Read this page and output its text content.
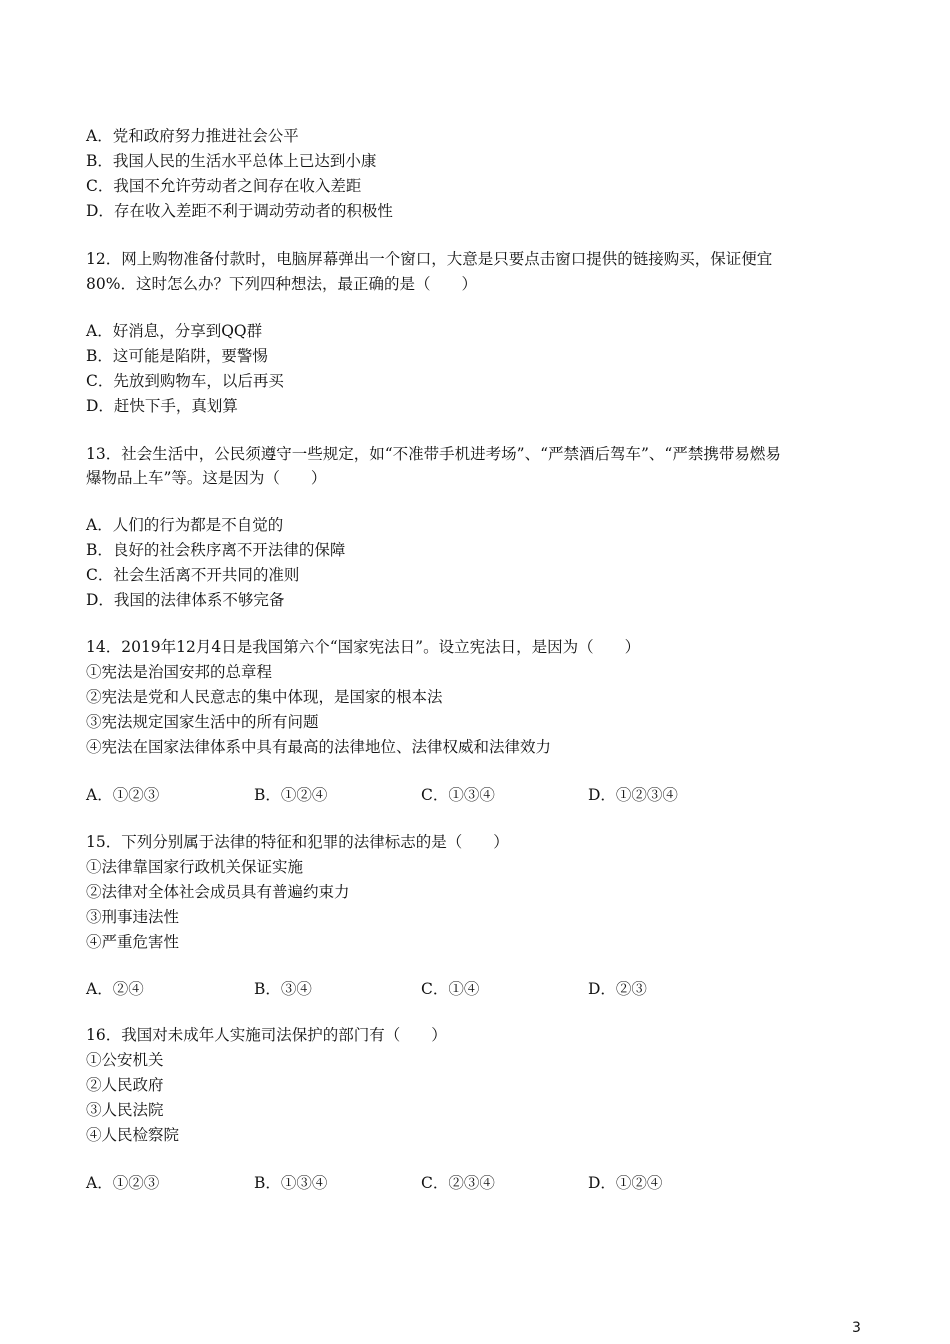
A．党和政府努力推进社会公平
B．我国人民的生活水平总体上已达到小康
C．我国不允许劳动者之间存在收入差距
D．存在收入差距不利于调动劳动者的积极性
12．网上购物准备付款时，电脑屏幕弹出一个窗口，大意是只要点击窗口提供的链接购买，保证便宜
80%．这时怎么办？下列四种想法，最正确的是（　　）
A．好消息，分享到QQ群
B．这可能是陷阱，要警惕
C．先放到购物车，以后再买
D．赶快下手，真划算
13．社会生活中，公民须遵守一些规定，如“不准带手机进考场”、“严禁酒后驾车”、“严禁携带易燃易
爆物品上车”等。这是因为（　　）
A．人们的行为都是不自觉的
B．良好的社会秩序离不开法律的保障
C．社会生活离不开共同的准则
D．我国的法律体系不够完备
14．2019年12月4日是我国第六个“国家宪法日”。设立宪法日，是因为（　　）
①宪法是治国安邦的总章程
②宪法是党和人民意志的集中体现，是国家的根本法
③宪法规定国家生活中的所有问题
④宪法在国家法律体系中具有最高的法律地位、法律权威和法律效力
A．①②③	B．①②④	C．①③④	D．①②③④
15．下列分别属于法律的特征和犯罪的法律标志的是（　　）
①法律靠国家行政机关保证实施
②法律对全体社会成员具有普遍约束力
③刑事违法性
④严重危害性
A．②④	B．③④	C．①④	D．②③
16．我国对未成年人实施司法保护的部门有（　　）
①公安机关
②人民政府
③人民法院
④人民检察院
A．①②③	B．①③④	C．②③④	D．①②④
3
